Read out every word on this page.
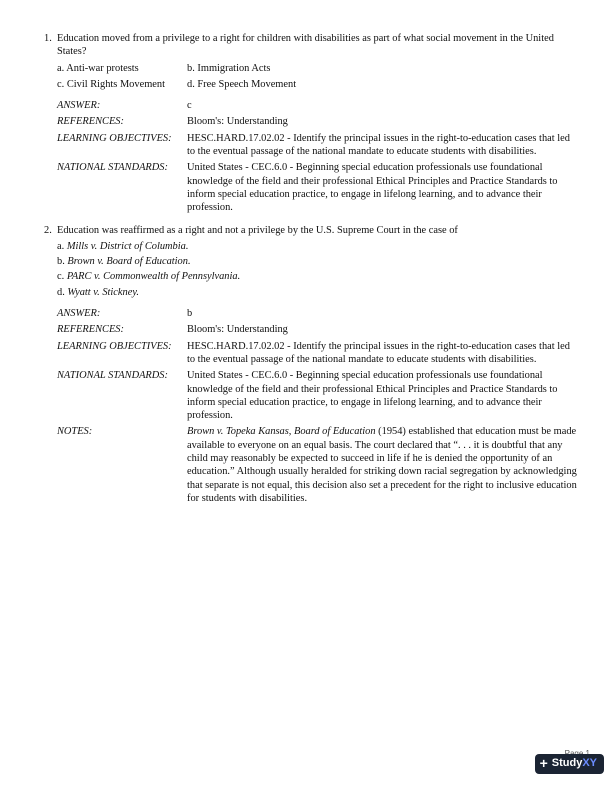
1. Education moved from a privilege to a right for children with disabilities as part of what social movement in the United States?
a. Anti-war protests	b. Immigration Acts
c. Civil Rights Movement	d. Free Speech Movement
ANSWER:	c
REFERENCES:	Bloom's: Understanding
LEARNING OBJECTIVES:	HESC.HARD.17.02.02 - Identify the principal issues in the right-to-education cases that led to the eventual passage of the national mandate to educate students with disabilities.
NATIONAL STANDARDS:	United States - CEC.6.0 - Beginning special education professionals use foundational knowledge of the field and their professional Ethical Principles and Practice Standards to inform special education practice, to engage in lifelong learning, and to advance their profession.
2. Education was reaffirmed as a right and not a privilege by the U.S. Supreme Court in the case of
a. Mills v. District of Columbia.
b. Brown v. Board of Education.
c. PARC v. Commonwealth of Pennsylvania.
d. Wyatt v. Stickney.
ANSWER:	b
REFERENCES:	Bloom's: Understanding
LEARNING OBJECTIVES:	HESC.HARD.17.02.02 - Identify the principal issues in the right-to-education cases that led to the eventual passage of the national mandate to educate students with disabilities.
NATIONAL STANDARDS:	United States - CEC.6.0 - Beginning special education professionals use foundational knowledge of the field and their professional Ethical Principles and Practice Standards to inform special education practice, to engage in lifelong learning, and to advance their profession.
NOTES:	Brown v. Topeka Kansas, Board of Education (1954) established that education must be made available to everyone on an equal basis. The court declared that “. . . it is doubtful that any child may reasonably be expected to succeed in life if he is denied the opportunity of an education.” Although usually heralded for striking down racial segregation by acknowledging that separate is not equal, this decision also set a precedent for the right to inclusive education for students with disabilities.
+ Study XY
